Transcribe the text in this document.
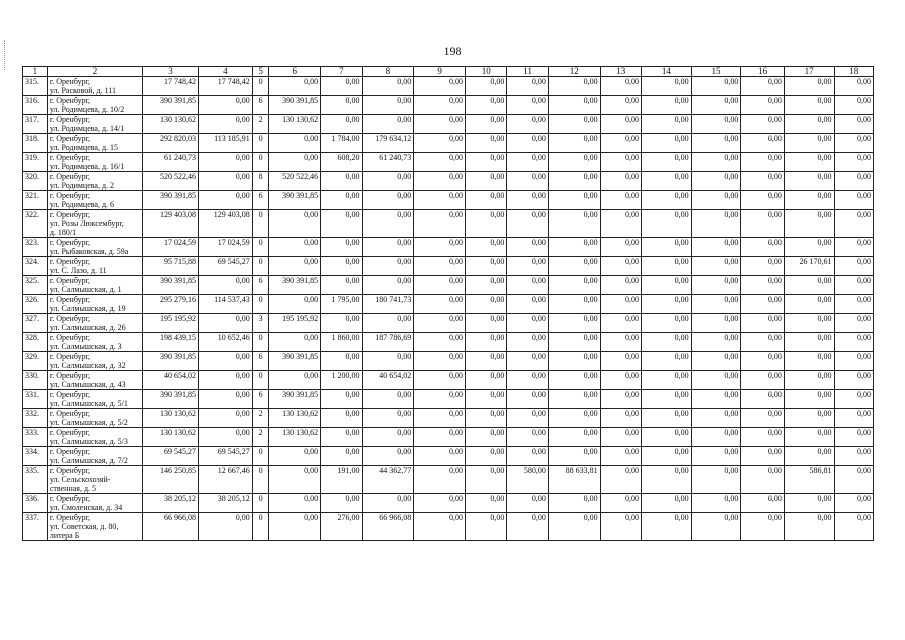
198
1	2	3	4	5	6	7	8	9	10	11	12	13	14	15	16	17	18
315.	г. Оренбург,
ул. Расковой, д. 111	17 748,42	17 748,42	0	0,00	0,00	0,00	0,00	0,00	0,00	0,00	0,00	0,00	0,00	0,00	0,00	0,00
316.	г. Оренбург,
ул. Родимцева, д. 10/2	390 391,85	0,00	6	390 391,85	0,00	0,00	0,00	0,00	0,00	0,00	0,00	0,00	0,00	0,00	0,00	0,00
317.	г. Оренбург,
ул. Родимцева, д. 14/1	130 130,62	0,00	2	130 130,62	0,00	0,00	0,00	0,00	0,00	0,00	0,00	0,00	0,00	0,00	0,00	0,00
318.	г. Оренбург,
ул. Родимцева, д. 15	292 820,03	113 185,91	0	0,00	1 784,00	179 634,12	0,00	0,00	0,00	0,00	0,00	0,00	0,00	0,00	0,00	0,00
319.	г. Оренбург,
ул. Родимцева, д. 16/1	61 240,73	0,00	0	0,00	608,20	61 240,73	0,00	0,00	0,00	0,00	0,00	0,00	0,00	0,00	0,00	0,00
320.	г. Оренбург,
ул. Родимцева, д. 2	520 522,46	0,00	8	520 522,46	0,00	0,00	0,00	0,00	0,00	0,00	0,00	0,00	0,00	0,00	0,00	0,00
321.	г. Оренбург,
ул. Родимцева, д. 6	390 391,85	0,00	6	390 391,85	0,00	0,00	0,00	0,00	0,00	0,00	0,00	0,00	0,00	0,00	0,00	0,00
322.	г. Оренбург,
ул. Розы Люксембург,
д. 180/1	129 403,08	129 403,08	0	0,00	0,00	0,00	0,00	0,00	0,00	0,00	0,00	0,00	0,00	0,00	0,00	0,00
323.	г. Оренбург,
ул. Рыбаковская, д. 59а	17 024,59	17 024,59	0	0,00	0,00	0,00	0,00	0,00	0,00	0,00	0,00	0,00	0,00	0,00	0,00	0,00
324.	г. Оренбург,
ул. С. Лазо, д. 11	95 715,88	69 545,27	0	0,00	0,00	0,00	0,00	0,00	0,00	0,00	0,00	0,00	0,00	0,00	26 170,61	0,00
325.	г. Оренбург,
ул. Салмышская, д. 1	390 391,85	0,00	6	390 391,85	0,00	0,00	0,00	0,00	0,00	0,00	0,00	0,00	0,00	0,00	0,00	0,00
326.	г. Оренбург,
ул. Салмышская, д. 19	295 279,16	114 537,43	0	0,00	1 795,00	180 741,73	0,00	0,00	0,00	0,00	0,00	0,00	0,00	0,00	0,00	0,00
327.	г. Оренбург,
ул. Салмышская, д. 26	195 195,92	0,00	3	195 195,92	0,00	0,00	0,00	0,00	0,00	0,00	0,00	0,00	0,00	0,00	0,00	0,00
328.	г. Оренбург,
ул. Салмышская, д. 3	198 439,15	10 652,46	0	0,00	1 860,00	187 786,69	0,00	0,00	0,00	0,00	0,00	0,00	0,00	0,00	0,00	0,00
329.	г. Оренбург,
ул. Салмышская, д. 32	390 391,85	0,00	6	390 391,85	0,00	0,00	0,00	0,00	0,00	0,00	0,00	0,00	0,00	0,00	0,00	0,00
330.	г. Оренбург,
ул. Салмышская, д. 43	40 654,02	0,00	0	0,00	1 200,00	40 654,02	0,00	0,00	0,00	0,00	0,00	0,00	0,00	0,00	0,00	0,00
331.	г. Оренбург,
ул. Салмышская, д. 5/1	390 391,85	0,00	6	390 391,85	0,00	0,00	0,00	0,00	0,00	0,00	0,00	0,00	0,00	0,00	0,00	0,00
332.	г. Оренбург,
ул. Салмышская, д. 5/2	130 130,62	0,00	2	130 130,62	0,00	0,00	0,00	0,00	0,00	0,00	0,00	0,00	0,00	0,00	0,00	0,00
333.	г. Оренбург,
ул. Салмышская, д. 5/3	130 130,62	0,00	2	130 130,62	0,00	0,00	0,00	0,00	0,00	0,00	0,00	0,00	0,00	0,00	0,00	0,00
334.	г. Оренбург,
ул. Салмышская, д. 7/2	69 545,27	69 545,27	0	0,00	0,00	0,00	0,00	0,00	0,00	0,00	0,00	0,00	0,00	0,00	0,00	0,00
335.	г. Оренбург,
ул. Сельскохозяй-
ственная, д. 5	146 250,85	12 667,46	0	0,00	191,00	44 362,77	0,00	0,00	580,00	88 633,81	0,00	0,00	0,00	0,00	586,81	0,00
336.	г. Оренбург,
ул. Смоленская, д. 34	38 205,12	38 205,12	0	0,00	0,00	0,00	0,00	0,00	0,00	0,00	0,00	0,00	0,00	0,00	0,00	0,00
337.	г. Оренбург,
ул. Советская, д. 80,
литера Б	66 966,08	0,00	0	0,00	276,00	66 966,08	0,00	0,00	0,00	0,00	0,00	0,00	0,00	0,00	0,00	0,00
